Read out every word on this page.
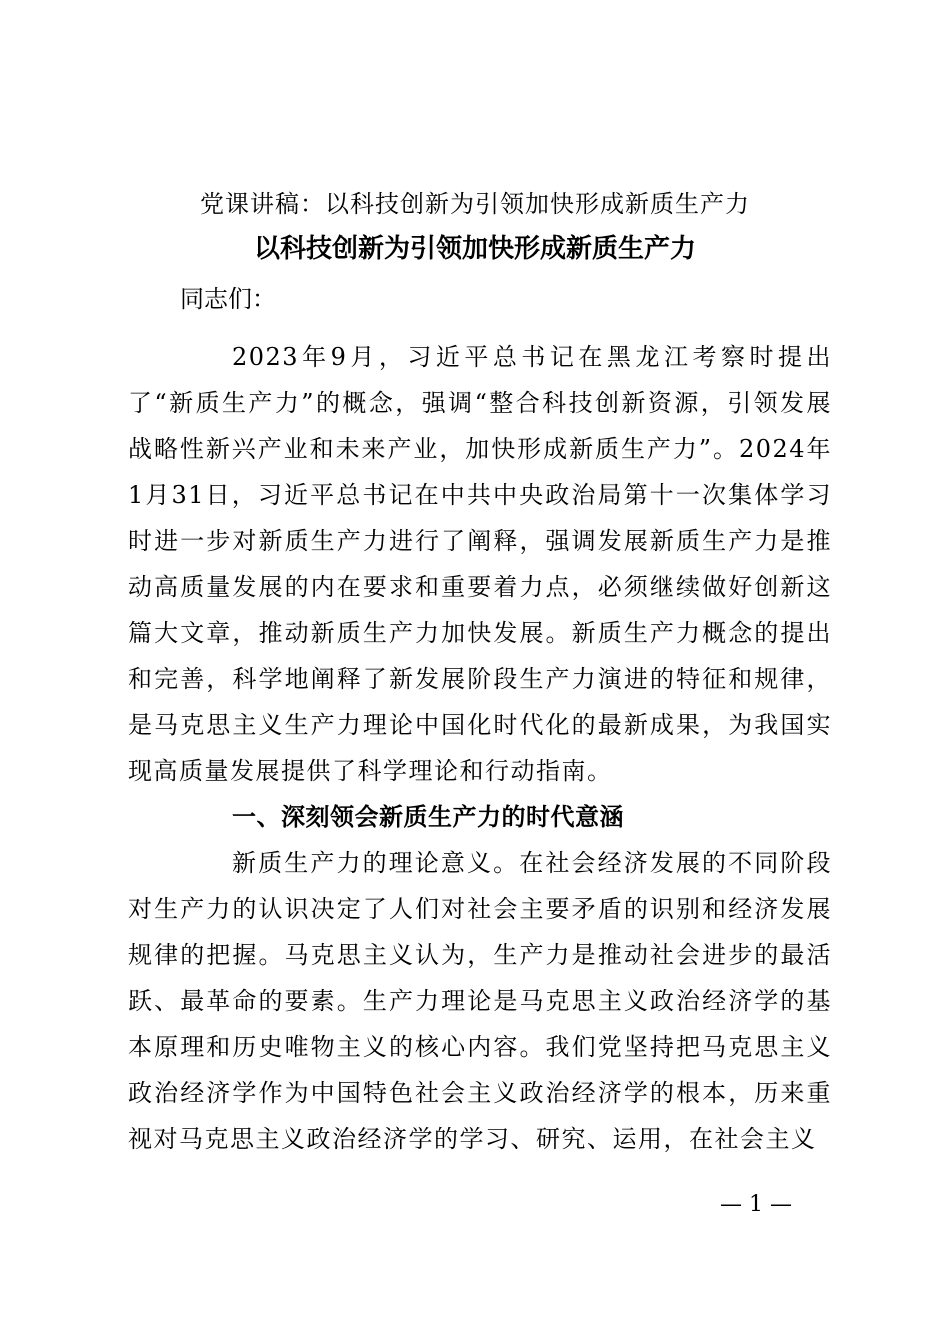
党课讲稿：以科技创新为引领加快形成新质生产力
以科技创新为引领加快形成新质生产力

同志们：

2023年9月，习近平总书记在黑龙江考察时提出了“新质生产力”的概念，强调“整合科技创新资源，引领发展战略性新兴产业和未来产业，加快形成新质生产力”。2024年1月31日，习近平总书记在中共中央政治局第十一次集体学习时进一步对新质生产力进行了阐释，强调发展新质生产力是推动高质量发展的内在要求和重要着力点，必须继续做好创新这篇大文章，推动新质生产力加快发展。新质生产力概念的提出和完善，科学地阐释了新发展阶段生产力演进的特征和规律，是马克思主义生产力理论中国化时代化的最新成果，为我国实现高质量发展提供了科学理论和行动指南。

一、深刻领会新质生产力的时代意涵

新质生产力的理论意义。在社会经济发展的不同阶段对生产力的认识决定了人们对社会主要矛盾的识别和经济发展规律的把握。马克思主义认为，生产力是推动社会进步的最活跃、最革命的要素。生产力理论是马克思主义政治经济学的基本原理和历史唯物主义的核心内容。我们党坚持把马克思主义政治经济学作为中国特色社会主义政治经济学的根本，历来重视对马克思主义政治经济学的学习、研究、运用，在社会主义

— 1 —
